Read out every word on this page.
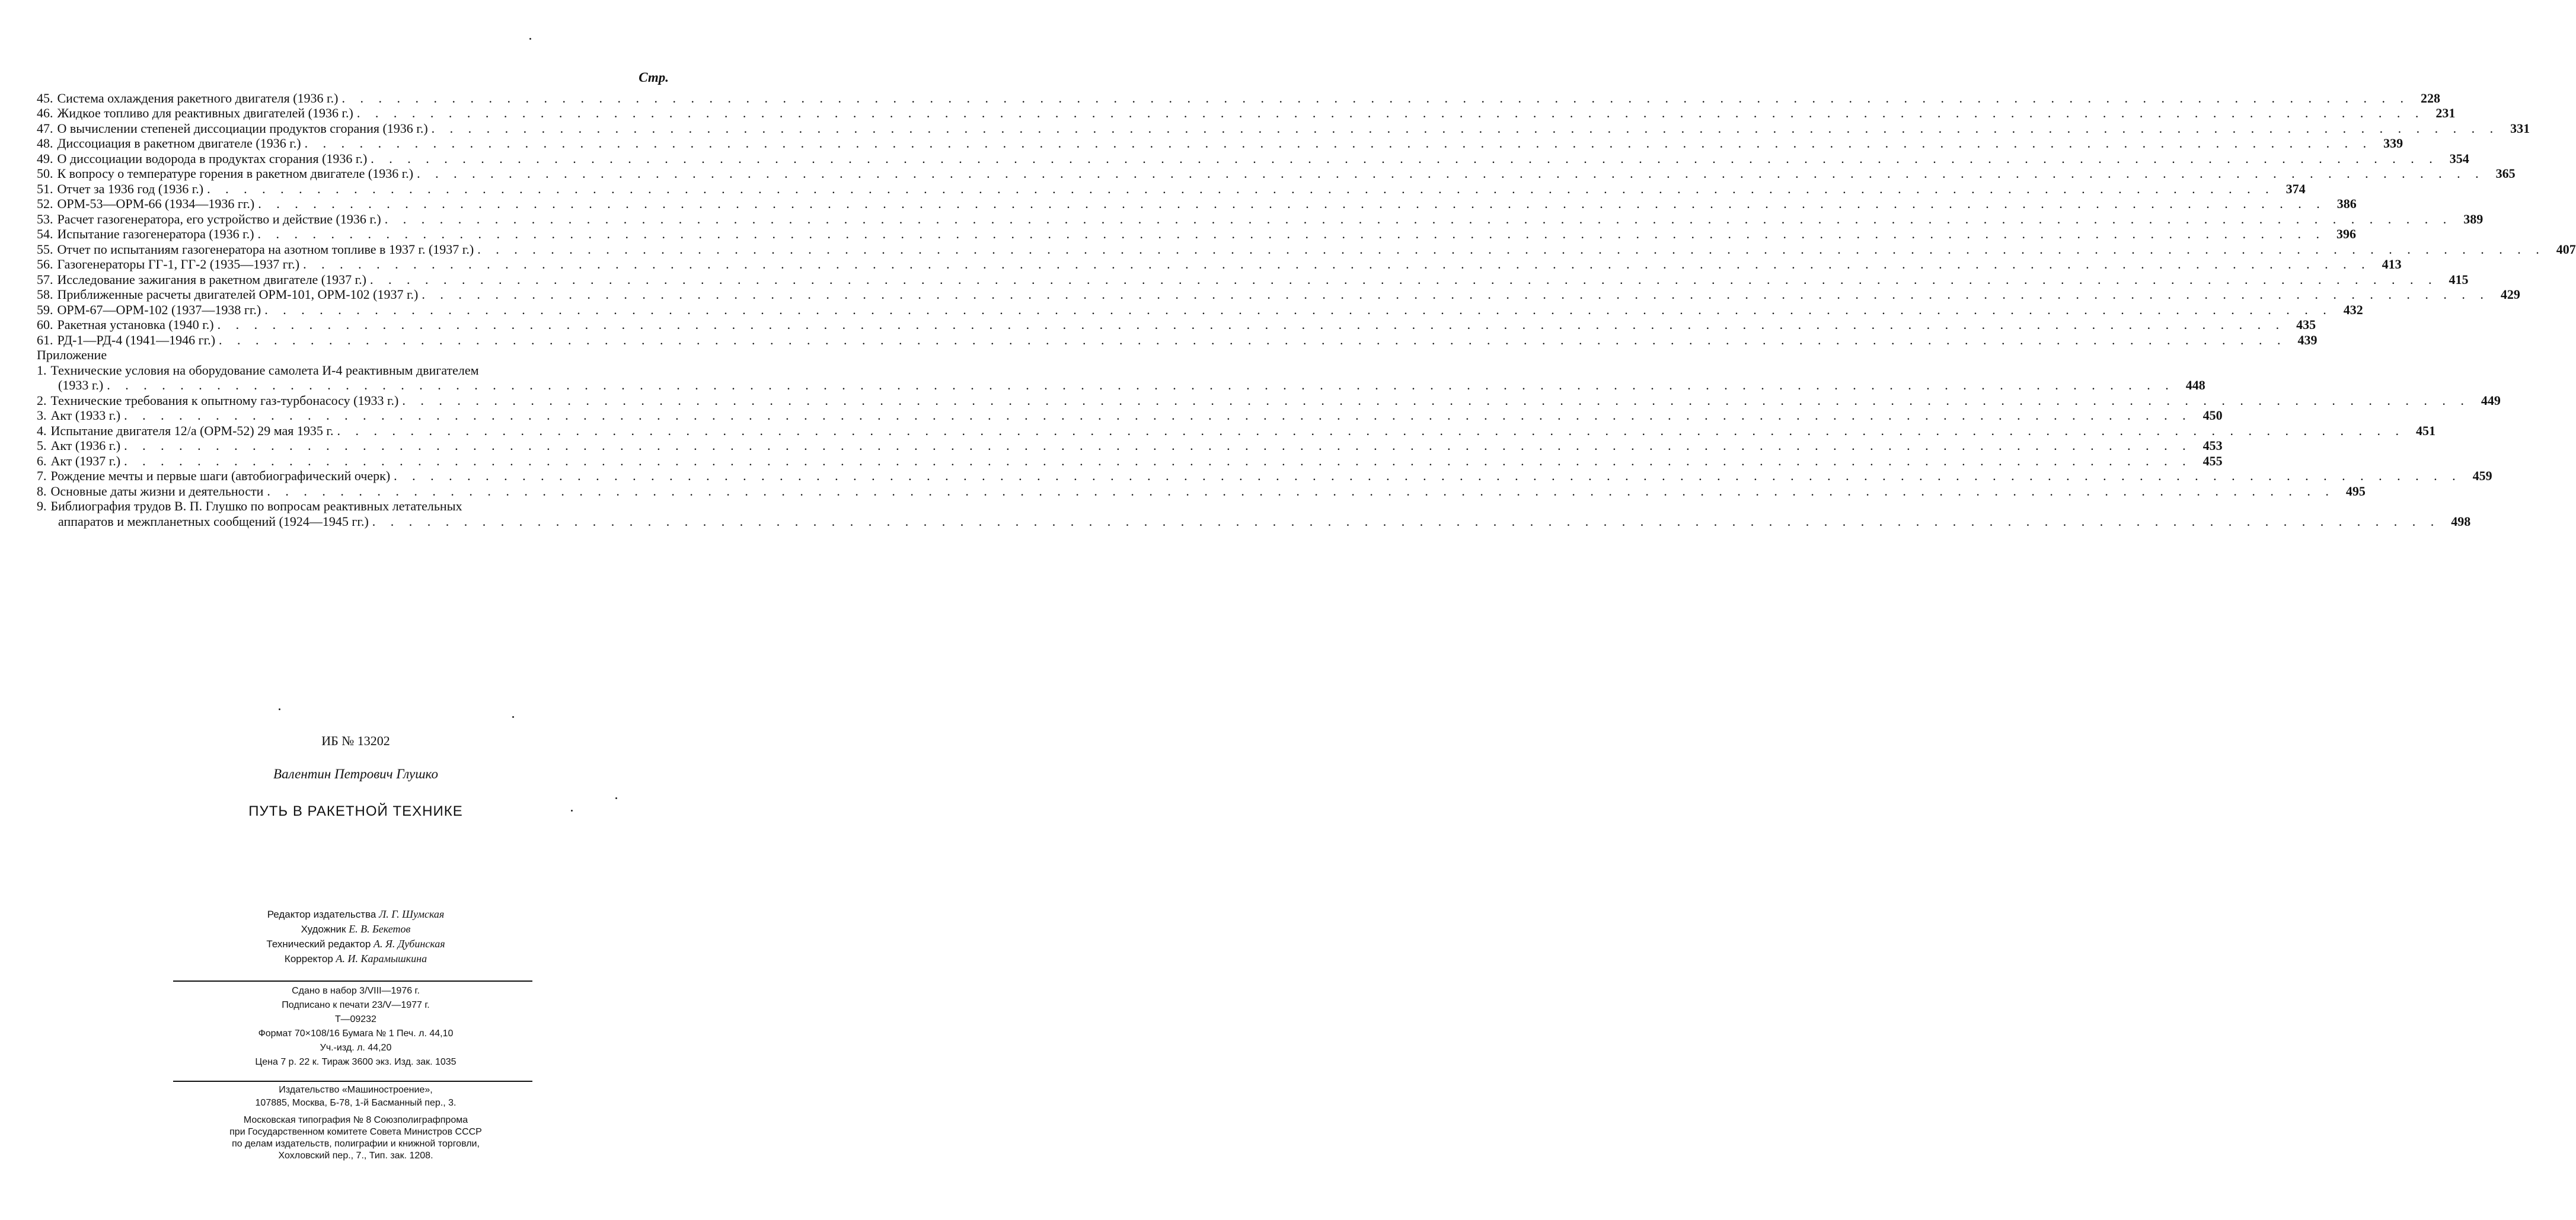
Стр.
45. Система охлаждения ракетного двигателя (1936 г.) . . .	228
46. Жидкое топливо для реактивных двигателей (1936 г.) . . .	231
47. О вычислении степеней диссоциации продуктов сгорания (1936 г.) . . .	331
48. Диссоциация в ракетном двигателе (1936 г.) . . .	339
49. О диссоциации водорода в продуктах сгорания (1936 г.) . . .	354
50. К вопросу о температуре горения в ракетном двигателе (1936 г.) . . .	365
51. Отчет за 1936 год (1936 г.) . . .	374
52. ОРМ-53—ОРМ-66 (1934—1936 гг.) . . .	386
53. Расчет газогенератора, его устройство и действие (1936 г.) . . .	389
54. Испытание газогенератора (1936 г.) . . .	396
55. Отчет по испытаниям газогенератора на азотном топливе в 1937 г. (1937 г.) . . .	407
56. Газогенераторы ГГ-1, ГГ-2 (1935—1937 гг.) . . .	413
57. Исследование зажигания в ракетном двигателе (1937 г.) . . .	415
58. Приближенные расчеты двигателей ОРМ-101, ОРМ-102 (1937 г.) . . .	429
59. ОРМ-67—ОРМ-102 (1937—1938 гг.) . . .	432
60. Ракетная установка (1940 г.) . . .	435
61. РД-1—РД-4 (1941—1946 гг.) . . .	439
Приложение
1. Технические условия на оборудование самолета И-4 реактивным двигателем
(1933 г.) . . .	448
2. Технические требования к опытному газ-турбонасосу (1933 г.) . . .	449
3. Акт (1933 г.) . . .	450
4. Испытание двигателя 12/а (ОРМ-52) 29 мая 1935 г. . . .	451
5. Акт (1936 г.) . . .	453
6. Акт (1937 г.) . . .	455
7. Рождение мечты и первые шаги (автобиографический очерк) . . .	459
8. Основные даты жизни и деятельности . . .	495
9. Библиография трудов В. П. Глушко по вопросам реактивных летательных
аппаратов и межпланетных сообщений (1924—1945 гг.) . . .	498
ИБ № 13202
Валентин Петрович Глушко
ПУТЬ В РАКЕТНОЙ ТЕХНИКЕ
Редактор издательства Л. Г. Шумская
Художник Е. В. Бекетов
Технический редактор А. Я. Дубинская
Корректор А. И. Карамышкина
Сдано в набор 3/VIII—1976 г.
Подписано к печати 23/V—1977 г.
Т—09232
Формат 70×108/16 Бумага № 1 Печ. л. 44,10
Уч.-изд. л. 44,20
Цена 7 р. 22 к. Тираж 3600 экз. Изд. зак. 1035
Издательство «Машиностроение»,
107885, Москва, Б-78, 1-й Басманный пер., 3.
Московская типография № 8 Союзполиграфпрома
при Государственном комитете Совета Министров СССР
по делам издательств, полиграфии и книжной торговли,
Хохловский пер., 7., Тип. зак. 1208.
